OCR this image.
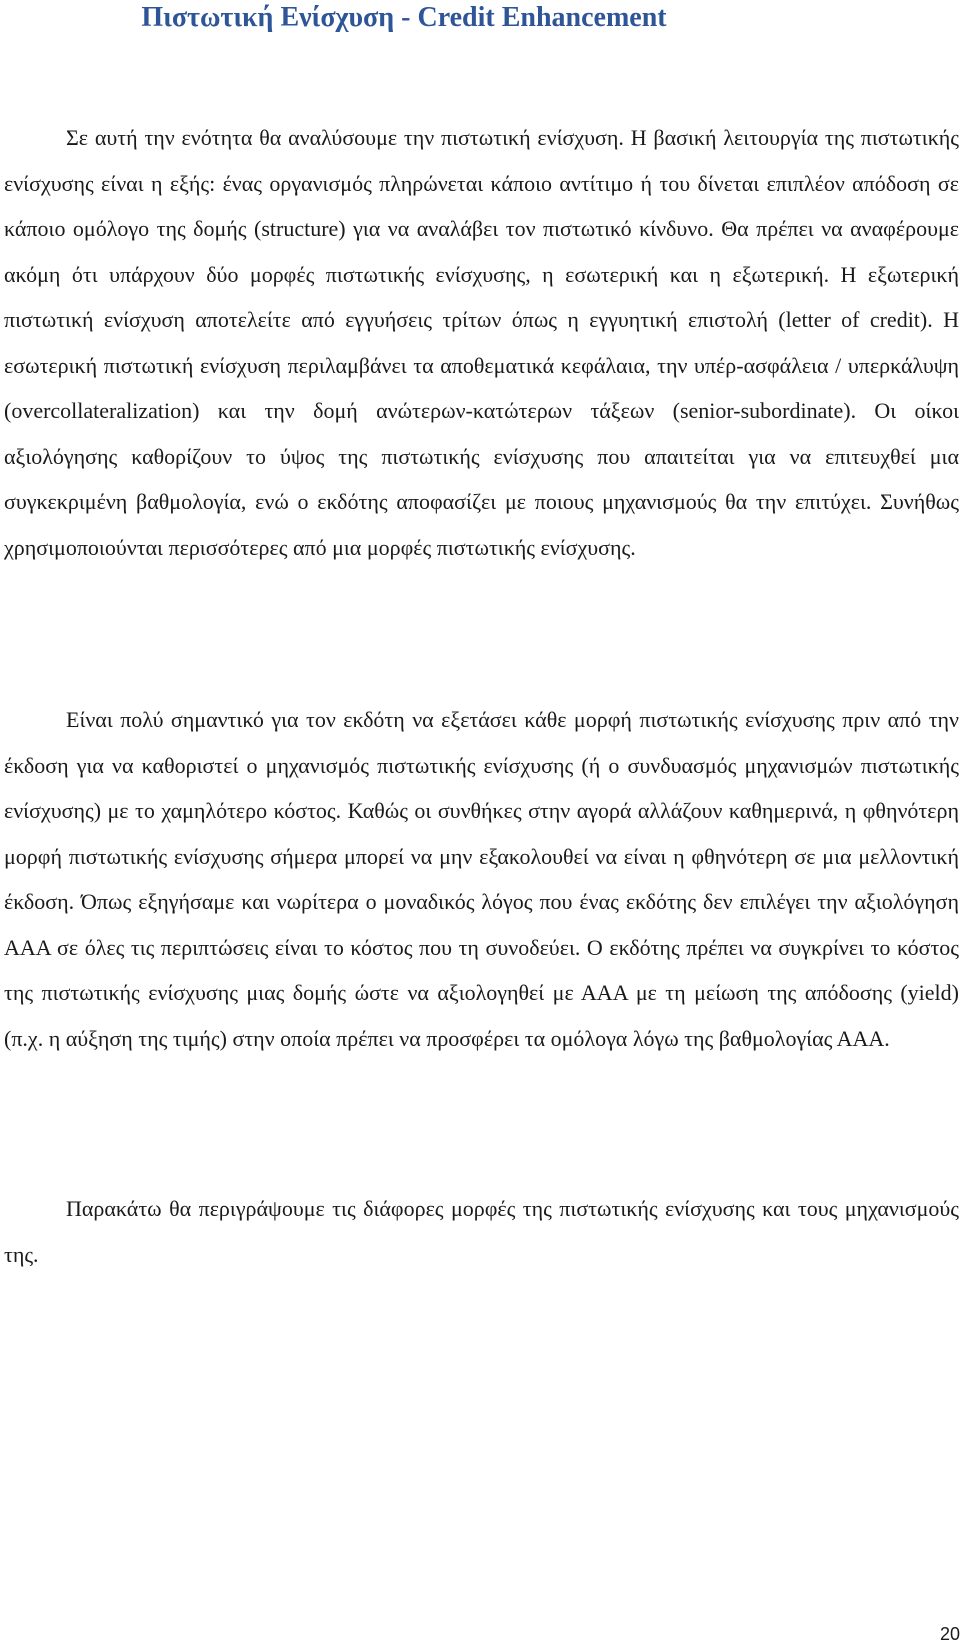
Πιστωτική Ενίσχυση - Credit Enhancement

Σε αυτή την ενότητα θα αναλύσουμε την πιστωτική ενίσχυση. Η βασική λειτουργία της πιστωτικής ενίσχυσης είναι η εξής: ένας οργανισμός πληρώνεται κάποιο αντίτιμο ή του δίνεται επιπλέον απόδοση σε κάποιο ομόλογο της δομής (structure) για να αναλάβει τον πιστωτικό κίνδυνο. Θα πρέπει να αναφέρουμε ακόμη ότι υπάρχουν δύο μορφές πιστωτικής ενίσχυσης, η εσωτερική και η εξωτερική. Η εξωτερική πιστωτική ενίσχυση αποτελείτε από εγγυήσεις τρίτων όπως η εγγυητική επιστολή (letter of credit). Η εσωτερική πιστωτική ενίσχυση περιλαμβάνει τα αποθεματικά κεφάλαια, την υπέρ-ασφάλεια / υπερκάλυψη (overcollateralization) και την δομή ανώτερων-κατώτερων τάξεων (senior-subordinate). Οι οίκοι αξιολόγησης καθορίζουν το ύψος της πιστωτικής ενίσχυσης που απαιτείται για να επιτευχθεί μια συγκεκριμένη βαθμολογία, ενώ ο εκδότης αποφασίζει με ποιους μηχανισμούς θα την επιτύχει. Συνήθως χρησιμοποιούνται περισσότερες από μια μορφές πιστωτικής ενίσχυσης.

Είναι πολύ σημαντικό για τον εκδότη να εξετάσει κάθε μορφή πιστωτικής ενίσχυσης πριν από την έκδοση για να καθοριστεί ο μηχανισμός πιστωτικής ενίσχυσης (ή ο συνδυασμός μηχανισμών πιστωτικής ενίσχυσης) με το χαμηλότερο κόστος. Καθώς οι συνθήκες στην αγορά αλλάζουν καθημερινά, η φθηνότερη μορφή πιστωτικής ενίσχυσης σήμερα μπορεί να μην εξακολουθεί να είναι η φθηνότερη σε μια μελλοντική έκδοση. Όπως εξηγήσαμε και νωρίτερα ο μοναδικός λόγος που ένας εκδότης δεν επιλέγει την αξιολόγηση ΑΑΑ σε όλες τις περιπτώσεις είναι το κόστος που τη συνοδεύει. Ο εκδότης πρέπει να συγκρίνει το κόστος της πιστωτικής ενίσχυσης μιας δομής ώστε να αξιολογηθεί με ΑΑΑ με τη μείωση της απόδοσης (yield) (π.χ. η αύξηση της τιμής) στην οποία πρέπει να προσφέρει τα ομόλογα λόγω της βαθμολογίας ΑΑΑ.

Παρακάτω θα περιγράψουμε τις διάφορες μορφές της πιστωτικής ενίσχυσης και τους μηχανισμούς της.

20
